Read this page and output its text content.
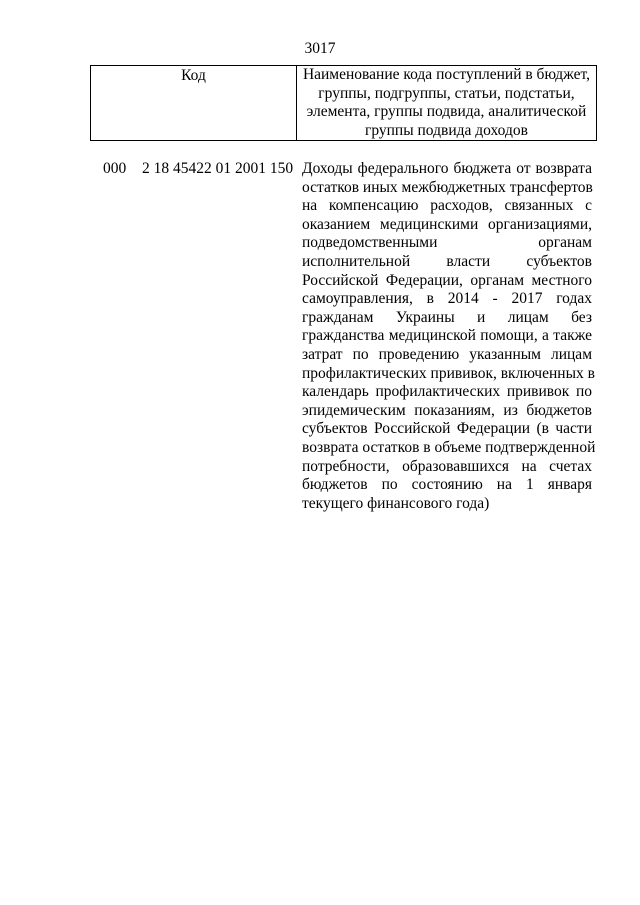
3017
Код	Наименование кода поступлений в бюджет,
группы, подгруппы, статьи, подстатьи,
элемента, группы подвида, аналитической
группы подвида доходов
000 2 18 45422 01 2001 150 Доходы федерального бюджета от возврата
остатков иных межбюджетных трансфертов
на компенсацию расходов, связанных с
оказанием медицинскими организациями,
подведомственными органам
исполнительной власти субъектов
Российской Федерации, органам местного
самоуправления, в 2014 - 2017 годах
гражданам Украины и лицам без
гражданства медицинской помощи, а также
затрат по проведению указанным лицам
профилактических прививок, включенных в
календарь профилактических прививок по
эпидемическим показаниям, из бюджетов
субъектов Российской Федерации (в части
возврата остатков в объеме подтвержденной
потребности, образовавшихся на счетах
бюджетов по состоянию на 1 января
текущего финансового года)
